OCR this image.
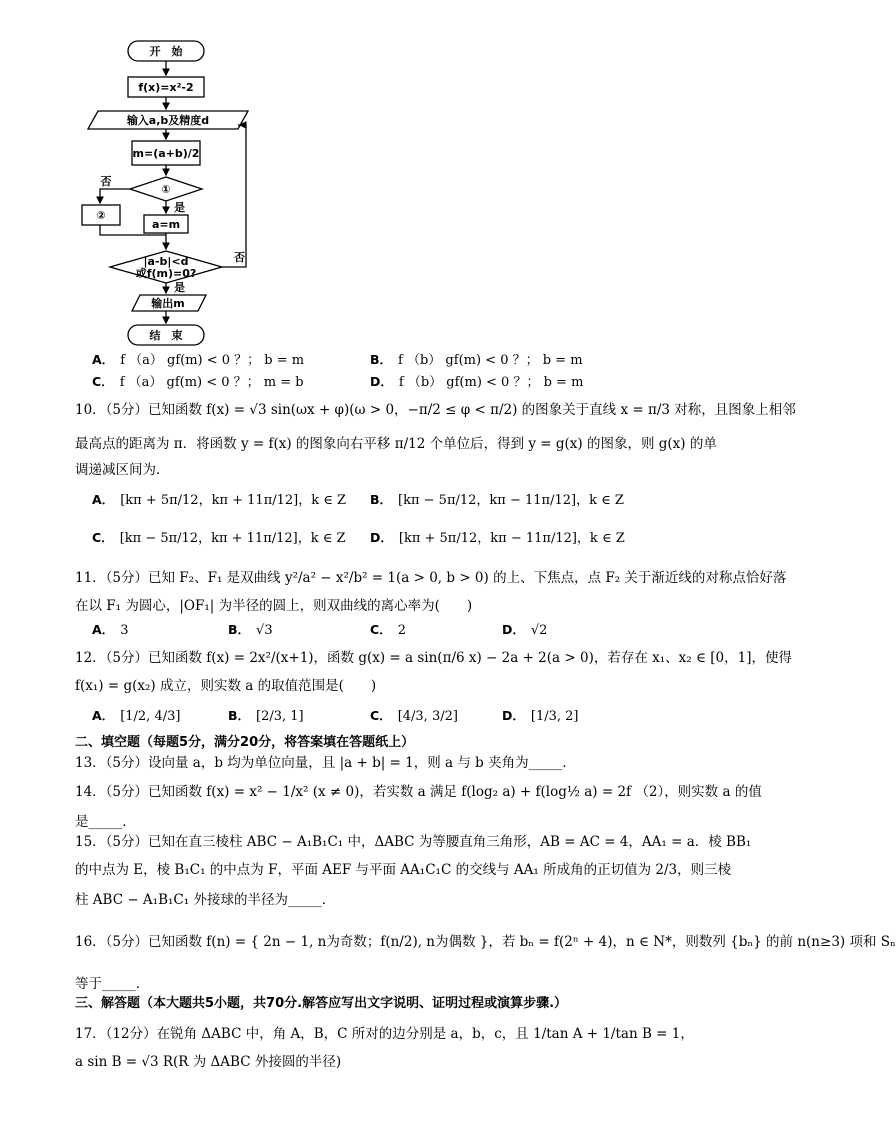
开　始
f(x)=x²-2
输入a,b及精度d
m=(a+b)/2
①
否
②
是
a=m
|a-b|<d
或f(m)=0?
否
是
输出m
结　束
A． f （a） gf(m) < 0 ？； b = m	B． f （b） gf(m) < 0 ？； b = m
C． f （a） gf(m) < 0 ？； m = b	D． f （b） gf(m) < 0 ？； b = m
10．（5分）已知函数 f(x) = √3 sin(ωx + φ)(ω > 0，−π/2 ≤ φ < π/2) 的图象关于直线 x = π/3 对称，且图象上相邻
最高点的距离为 π．将函数 y = f(x) 的图象向右平移 π/12 个单位后，得到 y = g(x) 的图象，则 g(x) 的单
调递减区间为．
A． [kπ + 5π/12，kπ + 11π/12]，k ∈ Z B． [kπ − 5π/12，kπ − 11π/12]，k ∈ Z
C． [kπ − 5π/12，kπ + 11π/12]，k ∈ Z D． [kπ + 5π/12，kπ − 11π/12]，k ∈ Z
11．（5分）已知 F₂、F₁ 是双曲线 y²/a² − x²/b² = 1(a > 0, b > 0) 的上、下焦点，点 F₂ 关于渐近线的对称点恰好落
在以 F₁ 为圆心，|OF₁| 为半径的圆上，则双曲线的离心率为(　　)
A． 3	B． √3	C． 2	D． √2
12．（5分）已知函数 f(x) = 2x²/(x+1)，函数 g(x) = a sin(π/6 x) − 2a + 2(a > 0)，若存在 x₁、x₂ ∈ [0，1]，使得
f(x₁) = g(x₂) 成立，则实数 a 的取值范围是(　　)
A． [1/2, 4/3]	B． [2/3, 1]	C． [4/3, 3/2]	D． [1/3, 2]
二、填空题（每题5分，满分20分，将答案填在答题纸上）
13．（5分）设向量 a，b 均为单位向量，且 |a + b| = 1，则 a 与 b 夹角为_____．
14．（5分）已知函数 f(x) = x² − 1/x² (x ≠ 0)，若实数 a 满足 f(log₂ a) + f(log½ a) = 2f （2），则实数 a 的值
是_____．
15．（5分）已知在直三棱柱 ABC − A₁B₁C₁ 中，ΔABC 为等腰直角三角形，AB = AC = 4，AA₁ = a．棱 BB₁
的中点为 E，棱 B₁C₁ 的中点为 F，平面 AEF 与平面 AA₁C₁C 的交线与 AA₁ 所成角的正切值为 2/3，则三棱
柱 ABC − A₁B₁C₁ 外接球的半径为_____．
16．（5分）已知函数 f(n) = { 2n − 1, n为奇数；f(n/2), n为偶数 }，若 bₙ = f(2ⁿ + 4)，n ∈ N*，则数列 {bₙ} 的前 n(n≥3) 项和 Sₙ
等于_____．
三、解答题（本大题共5小题，共70分.解答应写出文字说明、证明过程或演算步骤.）
17．（12分）在锐角 ΔABC 中，角 A，B，C 所对的边分别是 a，b，c，且 1/tan A + 1/tan B = 1，
a sin B = √3 R(R 为 ΔABC 外接圆的半径)
